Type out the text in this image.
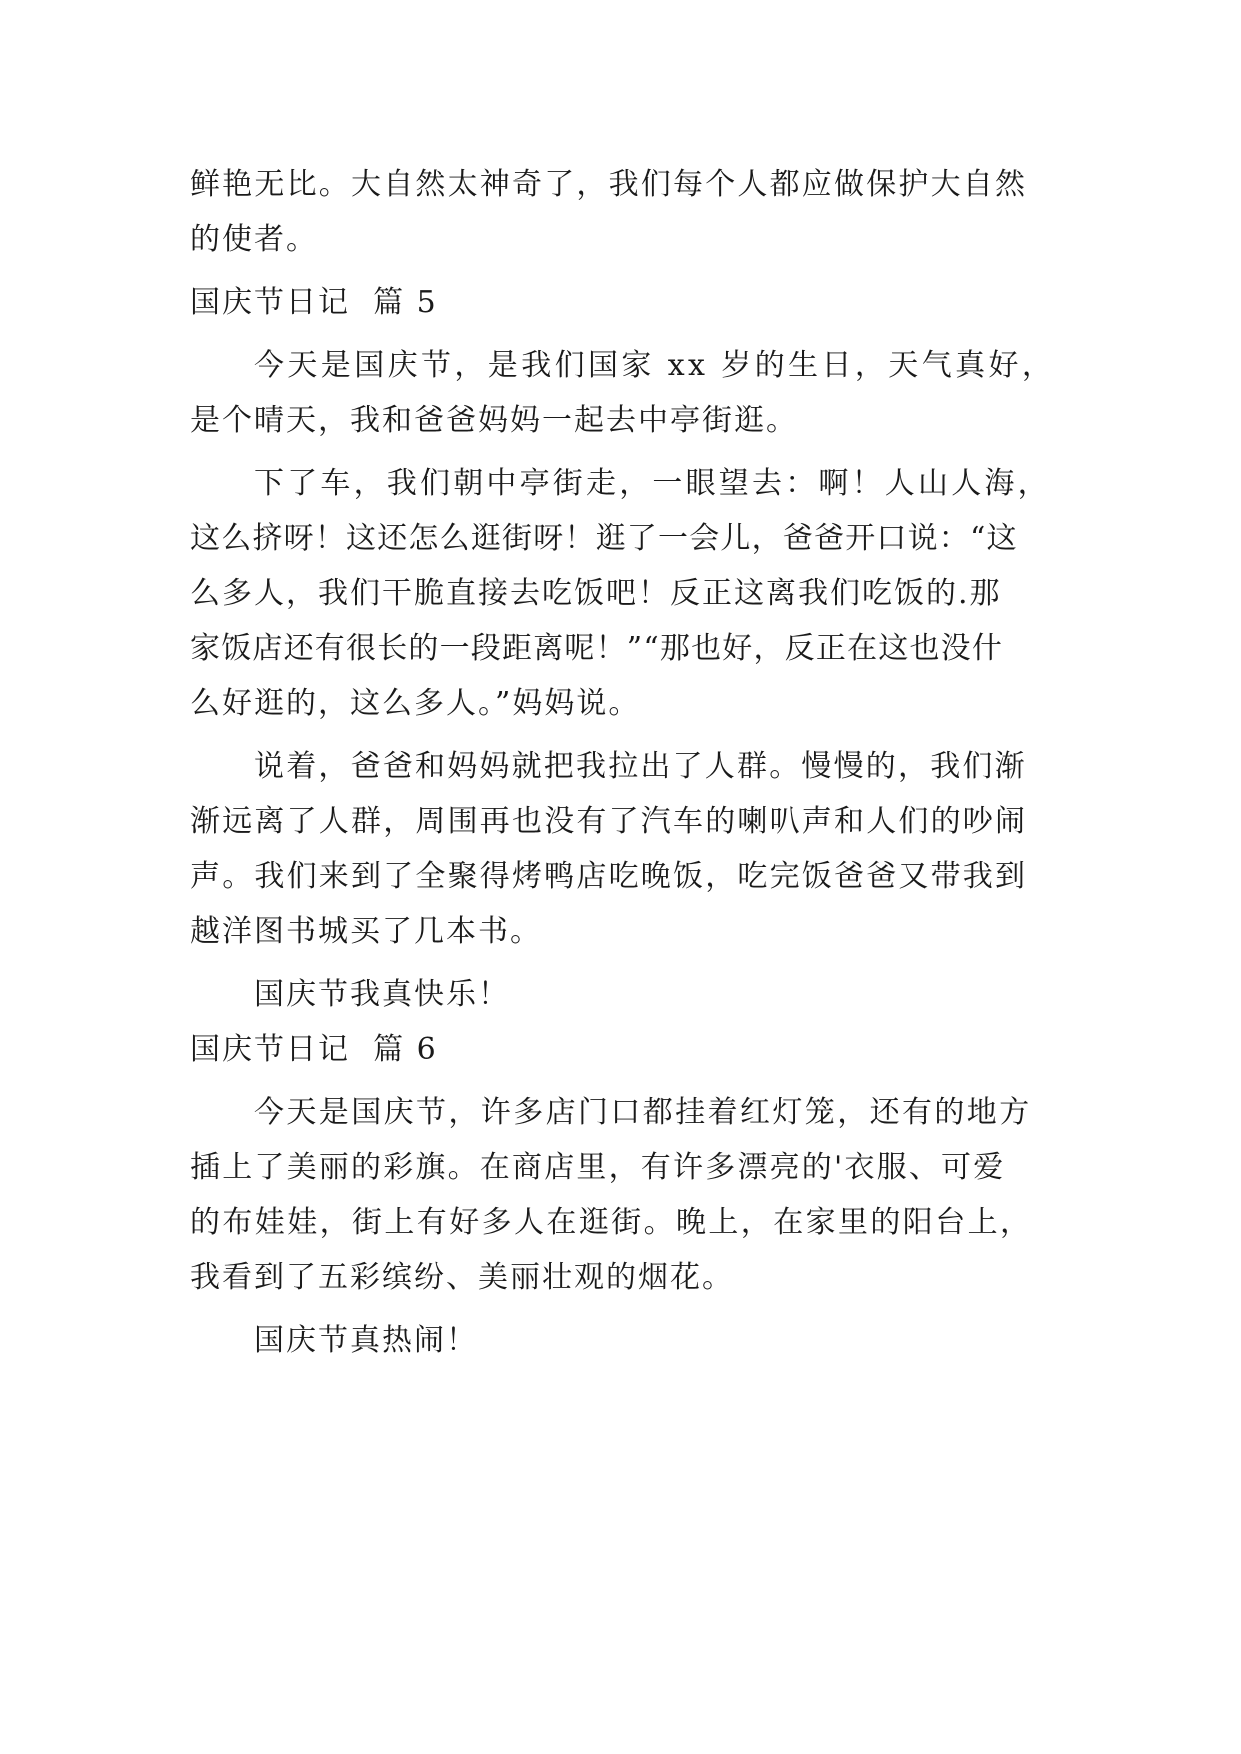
鲜艳无比。大自然太神奇了，我们每个人都应做保护大自然
的使者。
国庆节日记  篇 5
今天是国庆节，是我们国家 xx 岁的生日，天气真好，
是个晴天，我和爸爸妈妈一起去中亭街逛。
下了车，我们朝中亭街走，一眼望去：啊！人山人海，
这么挤呀！这还怎么逛街呀！逛了一会儿，爸爸开口说：“这
么多人，我们干脆直接去吃饭吧！反正这离我们吃饭的.那
家饭店还有很长的一段距离呢！”“那也好，反正在这也没什
么好逛的，这么多人。”妈妈说。
说着，爸爸和妈妈就把我拉出了人群。慢慢的，我们渐
渐远离了人群，周围再也没有了汽车的喇叭声和人们的吵闹
声。我们来到了全聚得烤鸭店吃晚饭，吃完饭爸爸又带我到
越洋图书城买了几本书。
国庆节我真快乐！
国庆节日记  篇 6
今天是国庆节，许多店门口都挂着红灯笼，还有的地方
插上了美丽的彩旗。在商店里，有许多漂亮的'衣服、可爱
的布娃娃，街上有好多人在逛街。晚上，在家里的阳台上，
我看到了五彩缤纷、美丽壮观的烟花。
国庆节真热闹！
